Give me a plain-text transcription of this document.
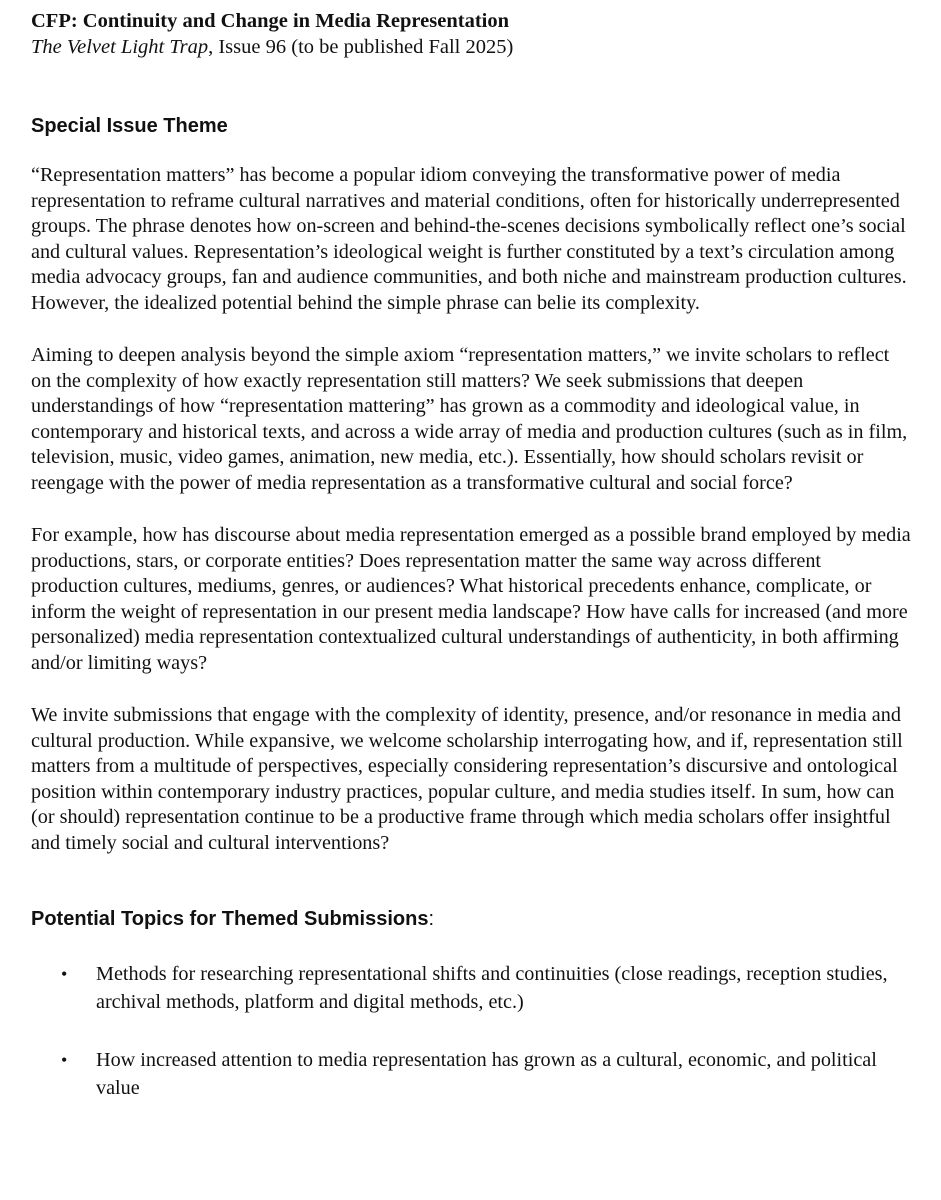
CFP: Continuity and Change in Media Representation

The Velvet Light Trap, Issue 96 (to be published Fall 2025)

Special Issue Theme

“Representation matters” has become a popular idiom conveying the transformative power of media representation to reframe cultural narratives and material conditions, often for historically underrepresented groups. The phrase denotes how on-screen and behind-the-scenes decisions symbolically reflect one’s social and cultural values. Representation’s ideological weight is further constituted by a text’s circulation among media advocacy groups, fan and audience communities, and both niche and mainstream production cultures. However, the idealized potential behind the simple phrase can belie its complexity.

Aiming to deepen analysis beyond the simple axiom “representation matters,” we invite scholars to reflect on the complexity of how exactly representation still matters? We seek submissions that deepen understandings of how “representation mattering” has grown as a commodity and ideological value, in contemporary and historical texts, and across a wide array of media and production cultures (such as in film, television, music, video games, animation, new media, etc.). Essentially, how should scholars revisit or reengage with the power of media representation as a transformative cultural and social force?

For example, how has discourse about media representation emerged as a possible brand employed by media productions, stars, or corporate entities? Does representation matter the same way across different production cultures, mediums, genres, or audiences? What historical precedents enhance, complicate, or inform the weight of representation in our present media landscape? How have calls for increased (and more personalized) media representation contextualized cultural understandings of authenticity, in both affirming and/or limiting ways?

We invite submissions that engage with the complexity of identity, presence, and/or resonance in media and cultural production. While expansive, we welcome scholarship interrogating how, and if, representation still matters from a multitude of perspectives, especially considering representation’s discursive and ontological position within contemporary industry practices, popular culture, and media studies itself. In sum, how can (or should) representation continue to be a productive frame through which media scholars offer insightful and timely social and cultural interventions?

Potential Topics for Themed Submissions:
• Methods for researching representational shifts and continuities (close readings, reception studies, archival methods, platform and digital methods, etc.)
• How increased attention to media representation has grown as a cultural, economic, and political value
